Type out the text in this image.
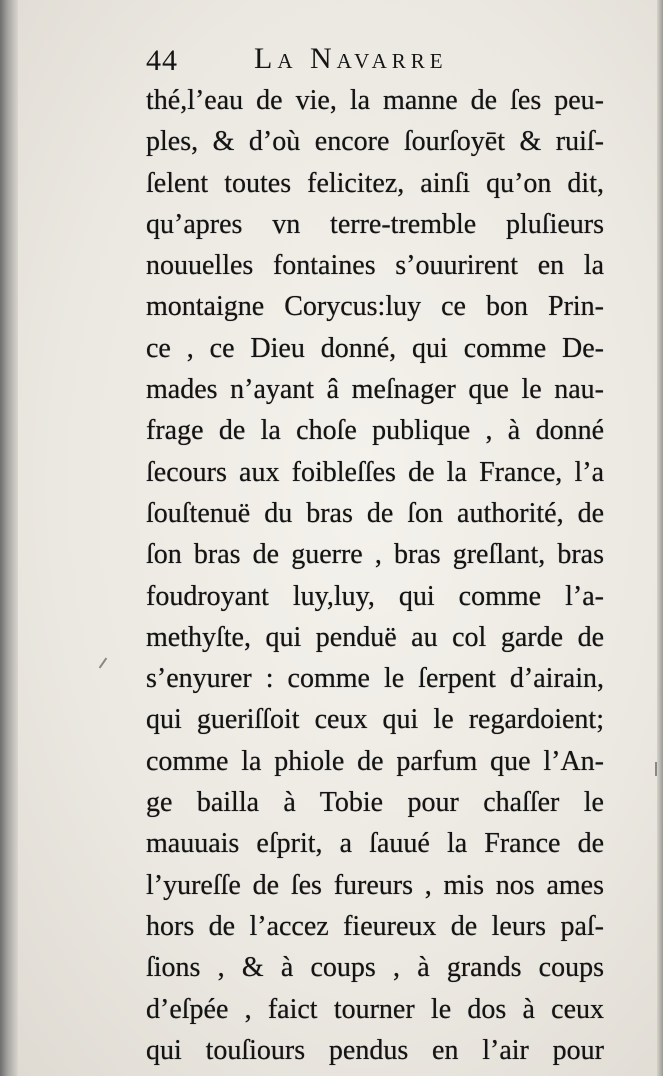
44	La Navarre
thé,l’eau de vie, la manne de ſes peu-
ples, & d’où encore ſourſoyēt & ruiſ-
ſelent toutes felicitez, ainſi qu’on dit,
qu’apres vn terre-tremble pluſieurs
nouuelles fontaines s’ouurirent en la
montaigne Corycus:luy ce bon Prin-
ce , ce Dieu donné, qui comme De-
mades n’ayant â meſnager que le nau-
frage de la choſe publique , à donné
ſecours aux foibleſſes de la France, l’a
ſouſtenuë du bras de ſon authorité, de
ſon bras de guerre , bras greſlant, bras
foudroyant luy,luy, qui comme l’a-
methyſte, qui penduë au col garde de
s’enyurer : comme le ſerpent d’airain,
qui gueriſſoit ceux qui le regardoient;
comme la phiole de parfum que l’An-
ge bailla à Tobie pour chaſſer le
mauuais eſprit, a ſauué la France de
l’yureſſe de ſes fureurs , mis nos ames
hors de l’accez fieureux de leurs paſ-
ſions , & à coups , à grands coups
d’eſpée , faict tourner le dos à ceux
qui touſiours pendus en l’air pour
